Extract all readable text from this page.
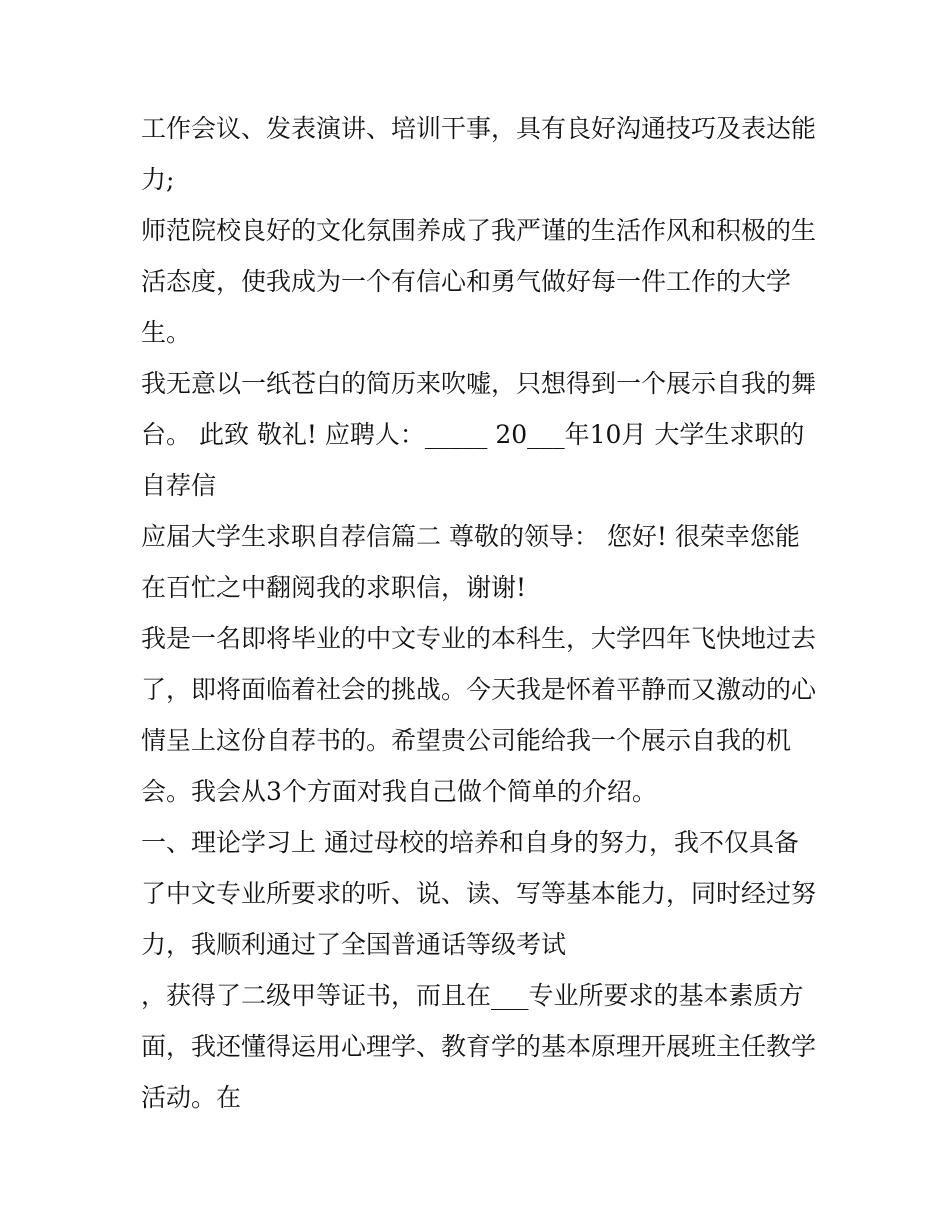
工作会议、发表演讲、培训干事，具有良好沟通技巧及表达能力;

师范院校良好的文化氛围养成了我严谨的生活作风和积极的生活态度，使我成为一个有信心和勇气做好每一件工作的大学生。

我无意以一纸苍白的简历来吹嘘，只想得到一个展示自我的舞台。 此致 敬礼! 应聘人：_____ 20___年10月 大学生求职的自荐信

应届大学生求职自荐信篇二 尊敬的领导： 您好! 很荣幸您能在百忙之中翻阅我的求职信，谢谢!

我是一名即将毕业的中文专业的本科生，大学四年飞快地过去了，即将面临着社会的挑战。今天我是怀着平静而又激动的心情呈上这份自荐书的。希望贵公司能给我一个展示自我的机会。我会从3个方面对我自己做个简单的介绍。

一、理论学习上 通过母校的培养和自身的努力，我不仅具备了中文专业所要求的听、说、读、写等基本能力，同时经过努力，我顺利通过了全国普通话等级考试

，获得了二级甲等证书，而且在___专业所要求的基本素质方面，我还懂得运用心理学、教育学的基本原理开展班主任教学活动。在
